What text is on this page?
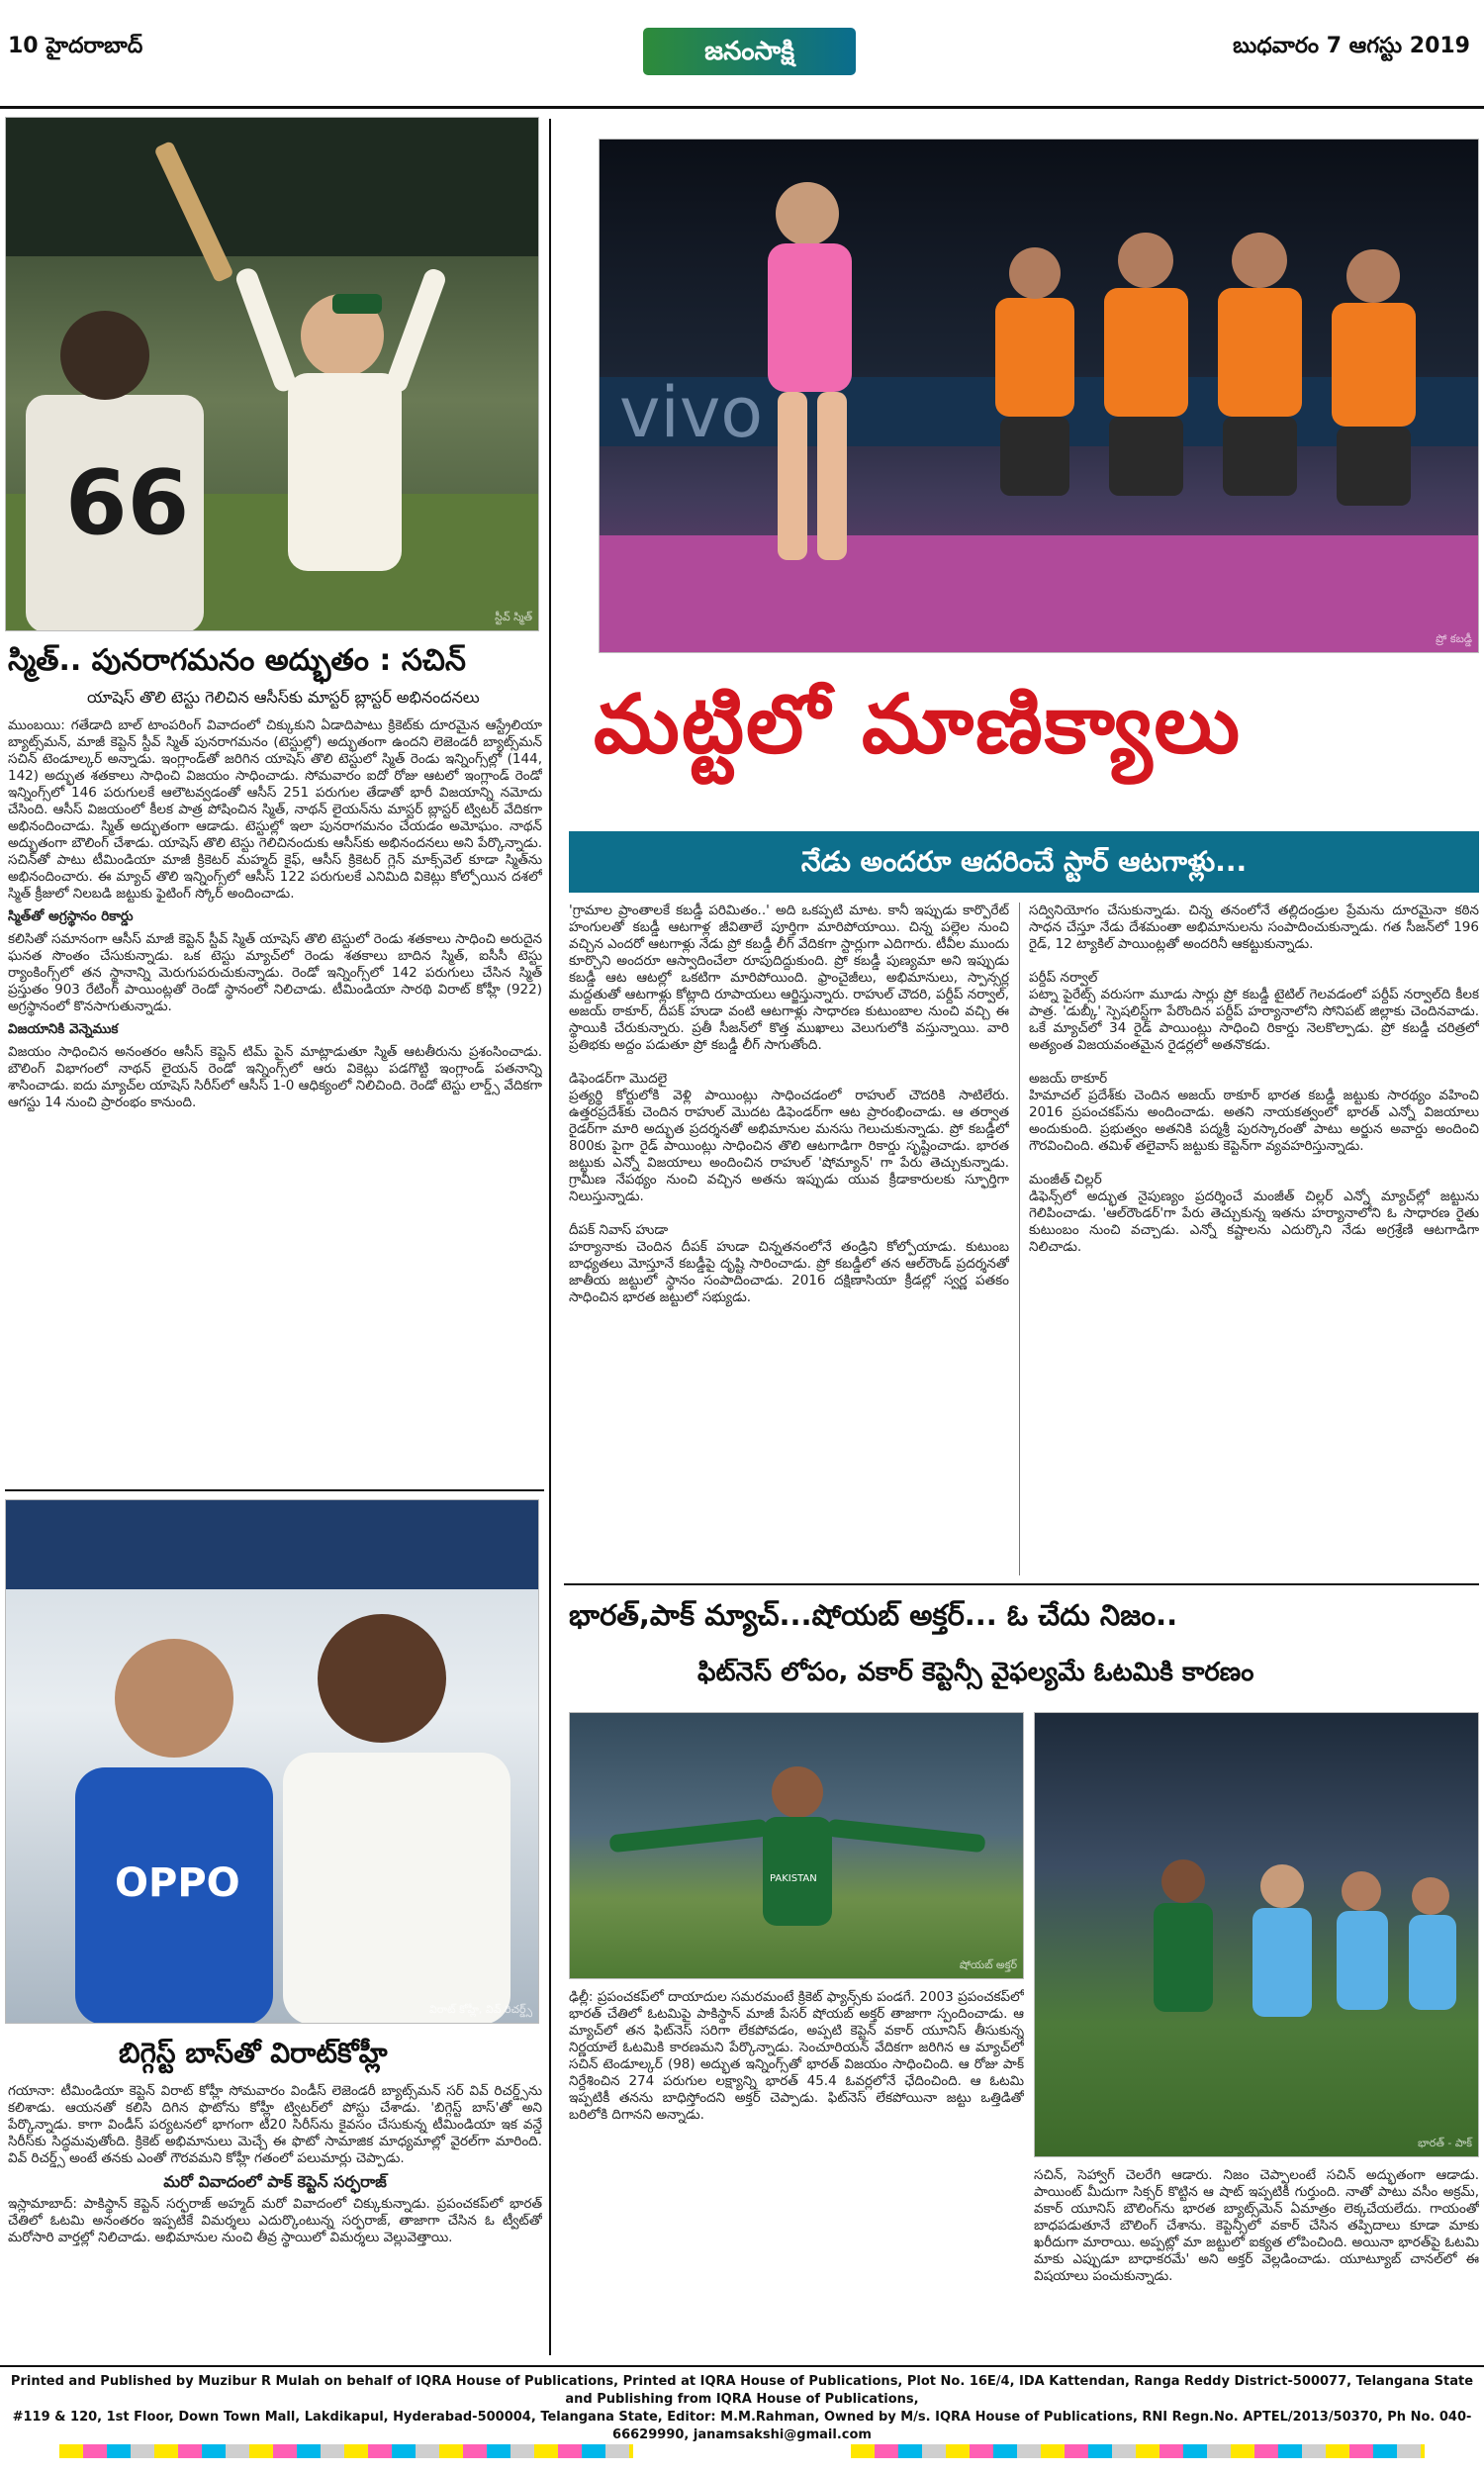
10 హైదరాబాద్	జనంసాక్షి	బుధవారం 7 ఆగస్టు 2019
66
స్టీవ్ స్మిత్
స్మిత్.. పునరాగమనం అద్భుతం : సచిన్
యాషెస్ తొలి టెస్టు గెలిచిన ఆసీస్‌కు మాస్టర్ బ్లాస్టర్ అభినందనలు

ముంబయి: గతేడాది బాల్ టాంపరింగ్ వివాదంలో చిక్కుకుని ఏడాదిపాటు క్రికెట్‌కు దూరమైన ఆస్ట్రేలియా బ్యాట్స్‌మన్, మాజీ కెప్టెన్ స్టీవ్ స్మిత్ పునరాగమనం (టెస్టుల్లో) అద్భుతంగా ఉందని లెజెండరీ బ్యాట్స్‌మన్ సచిన్ టెండూల్కర్ అన్నాడు. ఇంగ్లాండ్‌తో జరిగిన యాషెస్ తొలి టెస్టులో స్మిత్ రెండు ఇన్నింగ్స్‌ల్లో (144, 142) అద్భుత శతకాలు సాధించి విజయం సాధించాడు. సోమవారం ఐదో రోజు ఆటలో ఇంగ్లాండ్ రెండో ఇన్నింగ్స్‌లో 146 పరుగులకే ఆలౌటవ్వడంతో ఆసీస్ 251 పరుగుల తేడాతో భారీ విజయాన్ని నమోదు చేసింది. ఆసీస్ విజయంలో కీలక పాత్ర పోషించిన స్మిత్, నాథన్ లైయన్‌ను మాస్టర్ బ్లాస్టర్ ట్విటర్ వేదికగా అభినందించాడు. స్మిత్ అద్భుతంగా ఆడాడు. టెస్టుల్లో ఇలా పునరాగమనం చేయడం అమోఘం. నాథన్ అద్భుతంగా బౌలింగ్ చేశాడు. యాషెస్ తొలి టెస్టు గెలిచినందుకు ఆసీస్‌కు అభినందనలు అని పేర్కొన్నాడు. సచిన్‌తో పాటు టీమిండియా మాజీ క్రికెటర్ మహ్మద్ కైఫ్, ఆసీస్ క్రికెటర్ గ్లెన్ మాక్స్‌వెల్ కూడా స్మిత్‌ను అభినందించారు. ఈ మ్యాచ్ తొలి ఇన్నింగ్స్‌లో ఆసీస్ 122 పరుగులకే ఎనిమిది వికెట్లు కోల్పోయిన దశలో స్మిత్ క్రీజులో నిలబడి జట్టుకు ఫైటింగ్ స్కోర్ అందించాడు.

స్మిత్‌తో అగ్రస్థానం రికార్డు

కలిసితో సమానంగా ఆసీస్ మాజీ కెప్టెన్ స్టీవ్ స్మిత్ యాషెస్ తొలి టెస్టులో రెండు శతకాలు సాధించి అరుదైన ఘనత సొంతం చేసుకున్నాడు. ఒక టెస్టు మ్యాచ్‌లో రెండు శతకాలు బాదిన స్మిత్, ఐసీసీ టెస్టు ర్యాంకింగ్స్‌లో తన స్థానాన్ని మెరుగుపరుచుకున్నాడు. రెండో ఇన్నింగ్స్‌లో 142 పరుగులు చేసిన స్మిత్ ప్రస్తుతం 903 రేటింగ్ పాయింట్లతో రెండో స్థానంలో నిలిచాడు. టీమిండియా సారథి విరాట్ కోహ్లీ (922) అగ్రస్థానంలో కొనసాగుతున్నాడు.

విజయానికి వెన్నెముక

విజయం సాధించిన అనంతరం ఆసీస్ కెప్టెన్ టిమ్ పైన్ మాట్లాడుతూ స్మిత్ ఆటతీరును ప్రశంసించాడు. బౌలింగ్ విభాగంలో నాథన్ లైయన్ రెండో ఇన్నింగ్స్‌లో ఆరు వికెట్లు పడగొట్టి ఇంగ్లాండ్ పతనాన్ని శాసించాడు. ఐదు మ్యాచ్‌ల యాషెస్ సిరీస్‌లో ఆసీస్ 1-0 ఆధిక్యంలో నిలిచింది. రెండో టెస్టు లార్డ్స్ వేదికగా ఆగస్టు 14 నుంచి ప్రారంభం కానుంది.

OPPO
విరాట్ కోహ్లీ, వివ్ రిచర్డ్స్
బిగ్గెస్ట్ బాస్‌తో విరాట్‌కోహ్లీ

గయానా: టీమిండియా కెప్టెన్ విరాట్ కోహ్లీ సోమవారం విండీస్ లెజెండరీ బ్యాట్స్‌మన్ సర్ వివ్ రిచర్డ్స్‌ను కలిశాడు. ఆయనతో కలిసి దిగిన ఫొటోను కోహ్లీ ట్విటర్‌లో పోస్టు చేశాడు. 'బిగ్గెస్ట్ బాస్‌'తో అని పేర్కొన్నాడు. కాగా విండీస్ పర్యటనలో భాగంగా టీ20 సిరీస్‌ను కైవసం చేసుకున్న టీమిండియా ఇక వన్డే సిరీస్‌కు సిద్ధమవుతోంది. క్రికెట్ అభిమానులు మెచ్చే ఈ ఫొటో సామాజిక మాధ్యమాల్లో వైరల్‌గా మారింది. వివ్ రిచర్డ్స్ అంటే తనకు ఎంతో గౌరవమని కోహ్లీ గతంలో పలుమార్లు చెప్పాడు.

మరో వివాదంలో పాక్ కెప్టెన్ సర్ఫరాజ్

ఇస్లామాబాద్: పాకిస్థాన్ కెప్టెన్ సర్ఫరాజ్ అహ్మద్ మరో వివాదంలో చిక్కుకున్నాడు. ప్రపంచకప్‌లో భారత్ చేతిలో ఓటమి అనంతరం ఇప్పటికే విమర్శలు ఎదుర్కొంటున్న సర్ఫరాజ్, తాజాగా చేసిన ఓ ట్వీట్‌తో మరోసారి వార్తల్లో నిలిచాడు. అభిమానుల నుంచి తీవ్ర స్థాయిలో విమర్శలు వెల్లువెత్తాయి.

vivo
ప్రో కబడ్డీ
మట్టిలో మాణిక్యాలు
నేడు అందరూ ఆదరించే స్టార్ ఆటగాళ్లు...
'గ్రామాల ప్రాంతాలకే కబడ్డీ పరిమితం..' అది ఒకప్పటి మాట. కానీ ఇప్పుడు కార్పొరేట్ హంగులతో కబడ్డీ ఆటగాళ్ల జీవితాలే పూర్తిగా మారిపోయాయి. చిన్న పల్లెల నుంచి వచ్చిన ఎందరో ఆటగాళ్లు నేడు ప్రో కబడ్డీ లీగ్ వేదికగా స్టార్లుగా ఎదిగారు. టీవీల ముందు కూర్చొని అందరూ ఆస్వాదించేలా రూపుదిద్దుకుంది. ప్రో కబడ్డీ పుణ్యమా అని ఇప్పుడు కబడ్డీ ఆట ఆటల్లో ఒకటిగా మారిపోయింది. ఫ్రాంచైజీలు, అభిమానులు, స్పాన్సర్ల మద్దతుతో ఆటగాళ్లు కోట్లాది రూపాయలు ఆర్జిస్తున్నారు. రాహుల్ చౌదరి, పర్దీప్ నర్వాల్, అజయ్ ఠాకూర్, దీపక్ హుడా వంటి ఆటగాళ్లు సాధారణ కుటుంబాల నుంచి వచ్చి ఈ స్థాయికి చేరుకున్నారు. ప్రతీ సీజన్‌లో కొత్త ముఖాలు వెలుగులోకి వస్తున్నాయి. వారి ప్రతిభకు అద్దం పడుతూ ప్రో కబడ్డీ లీగ్ సాగుతోంది.

డిఫెండర్‌గా మొదలై
ప్రత్యర్థి కోర్టులోకి వెళ్లి పాయింట్లు సాధించడంలో రాహుల్ చౌదరికి సాటిలేరు. ఉత్తరప్రదేశ్‌కు చెందిన రాహుల్ మొదట డిఫెండర్‌గా ఆట ప్రారంభించాడు. ఆ తర్వాత రైడర్‌గా మారి అద్భుత ప్రదర్శనతో అభిమానుల మనసు గెలుచుకున్నాడు. ప్రో కబడ్డీలో 800కు పైగా రైడ్ పాయింట్లు సాధించిన తొలి ఆటగాడిగా రికార్డు సృష్టించాడు. భారత జట్టుకు ఎన్నో విజయాలు అందించిన రాహుల్ 'షోమ్యాన్' గా పేరు తెచ్చుకున్నాడు. గ్రామీణ నేపథ్యం నుంచి వచ్చిన అతను ఇప్పుడు యువ క్రీడాకారులకు స్ఫూర్తిగా నిలుస్తున్నాడు.

దీపక్ నివాస్ హుడా
హర్యానాకు చెందిన దీపక్ హుడా చిన్నతనంలోనే తండ్రిని కోల్పోయాడు. కుటుంబ బాధ్యతలు మోస్తూనే కబడ్డీపై దృష్టి సారించాడు. ప్రో కబడ్డీలో తన ఆల్‌రౌండ్ ప్రదర్శనతో జాతీయ జట్టులో స్థానం సంపాదించాడు. 2016 దక్షిణాసియా క్రీడల్లో స్వర్ణ పతకం సాధించిన భారత జట్టులో సభ్యుడు.
సద్వినియోగం చేసుకున్నాడు. చిన్న తనంలోనే తల్లిదండ్రుల ప్రేమను దూరమైనా కఠిన సాధన చేస్తూ నేడు దేశమంతా అభిమానులను సంపాదించుకున్నాడు. గత సీజన్‌లో 196 రైడ్, 12 ట్యాకిల్ పాయింట్లతో అందరినీ ఆకట్టుకున్నాడు.

పర్దీప్ నర్వాల్
పట్నా పైరేట్స్ వరుసగా మూడు సార్లు ప్రో కబడ్డీ టైటిల్ గెలవడంలో పర్దీప్ నర్వాల్‌ది కీలక పాత్ర. 'డుబ్కీ' స్పెషలిస్ట్‌గా పేరొందిన పర్దీప్ హర్యానాలోని సోనిపట్ జిల్లాకు చెందినవాడు. ఒకే మ్యాచ్‌లో 34 రైడ్ పాయింట్లు సాధించి రికార్డు నెలకొల్పాడు. ప్రో కబడ్డీ చరిత్రలో అత్యంత విజయవంతమైన రైడర్లలో అతనొకడు.

అజయ్ ఠాకూర్
హిమాచల్ ప్రదేశ్‌కు చెందిన అజయ్ ఠాకూర్ భారత కబడ్డీ జట్టుకు సారథ్యం వహించి 2016 ప్రపంచకప్‌ను అందించాడు. అతని నాయకత్వంలో భారత్ ఎన్నో విజయాలు అందుకుంది. ప్రభుత్వం అతనికి పద్మశ్రీ పురస్కారంతో పాటు అర్జున అవార్డు అందించి గౌరవించింది. తమిళ్ తలైవాస్ జట్టుకు కెప్టెన్‌గా వ్యవహరిస్తున్నాడు.

మంజీత్ చిల్లర్
డిఫెన్స్‌లో అద్భుత నైపుణ్యం ప్రదర్శించే మంజీత్ చిల్లర్ ఎన్నో మ్యాచ్‌ల్లో జట్టును గెలిపించాడు. 'ఆల్‌రౌండర్'గా పేరు తెచ్చుకున్న ఇతను హర్యానాలోని ఓ సాధారణ రైతు కుటుంబం నుంచి వచ్చాడు. ఎన్నో కష్టాలను ఎదుర్కొని నేడు అగ్రశ్రేణి ఆటగాడిగా నిలిచాడు.
భారత్,పాక్ మ్యాచ్...షోయబ్ అక్తర్... ఓ చేదు నిజం..
ఫిట్‌నెస్ లోపం, వకార్ కెప్టెన్సీ వైఫల్యమే ఓటమికి కారణం
PAKISTAN
షోయబ్ అక్తర్
భారత్ - పాక్
ఢిల్లీ: ప్రపంచకప్‌లో దాయాదుల సమరమంటే క్రికెట్ ఫ్యాన్స్‌కు పండగే. 2003 ప్రపంచకప్‌లో భారత్ చేతిలో ఓటమిపై పాకిస్థాన్ మాజీ పేసర్ షోయబ్ అక్తర్ తాజాగా స్పందించాడు. ఆ మ్యాచ్‌లో తన ఫిట్‌నెస్ సరిగా లేకపోవడం, అప్పటి కెప్టెన్ వకార్ యూనిస్ తీసుకున్న నిర్ణయాలే ఓటమికి కారణమని పేర్కొన్నాడు. సెంచూరియన్ వేదికగా జరిగిన ఆ మ్యాచ్‌లో సచిన్ టెండూల్కర్ (98) అద్భుత ఇన్నింగ్స్‌తో భారత్ విజయం సాధించింది. ఆ రోజు పాక్ నిర్దేశించిన 274 పరుగుల లక్ష్యాన్ని భారత్ 45.4 ఓవర్లలోనే ఛేదించింది. ఆ ఓటమి ఇప్పటికీ తనను బాధిస్తోందని అక్తర్ చెప్పాడు. ఫిట్‌నెస్ లేకపోయినా జట్టు ఒత్తిడితో బరిలోకి దిగానని అన్నాడు.
సచిన్, సెహ్వాగ్ చెలరేగి ఆడారు. నిజం చెప్పాలంటే సచిన్ అద్భుతంగా ఆడాడు. పాయింట్ మీదుగా సిక్సర్ కొట్టిన ఆ షాట్ ఇప్పటికీ గుర్తుంది. నాతో పాటు వసీం అక్రమ్, వకార్ యూనిస్ బౌలింగ్‌ను భారత బ్యాట్స్‌మెన్ ఏమాత్రం లెక్కచేయలేదు. గాయంతో బాధపడుతూనే బౌలింగ్ చేశాను. కెప్టెన్సీలో వకార్ చేసిన తప్పిదాలు కూడా మాకు ఖరీదుగా మారాయి. అప్పట్లో మా జట్టులో ఐక్యత లోపించింది. అయినా భారత్‌పై ఓటమి మాకు ఎప్పుడూ బాధాకరమే' అని అక్తర్ వెల్లడించాడు. యూట్యూబ్ చానల్‌లో ఈ విషయాలు పంచుకున్నాడు.
Printed and Published by Muzibur R Mulah on behalf of IQRA House of Publications, Printed at IQRA House of Publications, Plot No. 16E/4, IDA Kattendan, Ranga Reddy District-500077, Telangana State and Publishing from IQRA House of Publications,
#119 & 120, 1st Floor, Down Town Mall, Lakdikapul, Hyderabad-500004, Telangana State, Editor: M.M.Rahman, Owned by M/s. IQRA House of Publications, RNI Regn.No. APTEL/2013/50370, Ph No. 040-66629990, janamsakshi@gmail.com
